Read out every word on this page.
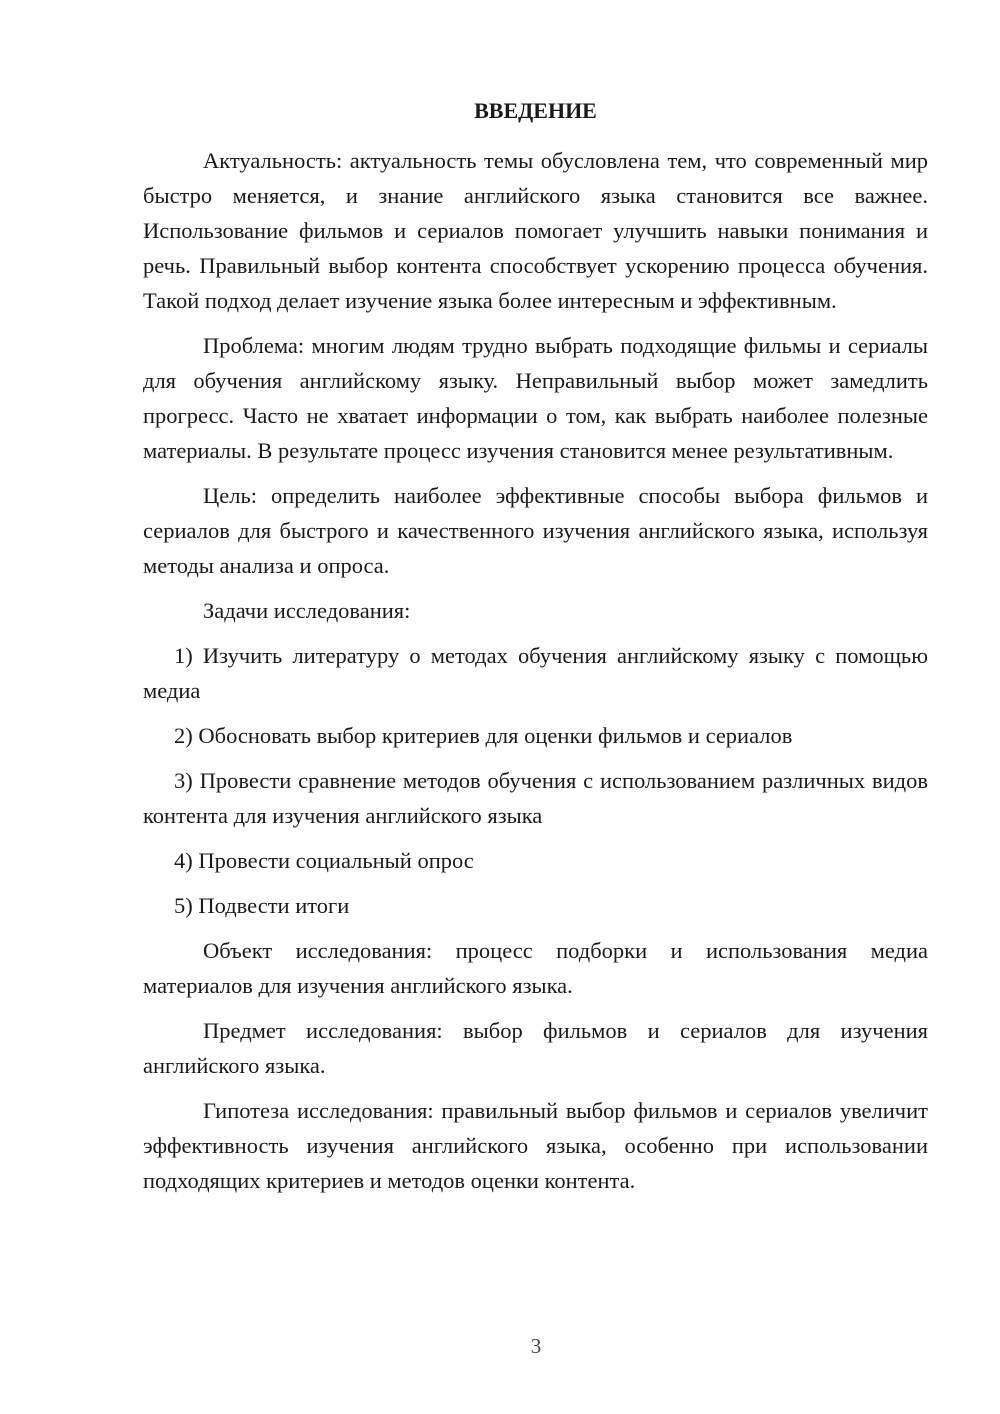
ВВЕДЕНИЕ

Актуальность: актуальность темы обусловлена тем, что современный мир быстро меняется, и знание английского языка становится все важнее. Использование фильмов и сериалов помогает улучшить навыки понимания и речь. Правильный выбор контента способствует ускорению процесса обучения. Такой подход делает изучение языка более интересным и эффективным.

Проблема: многим людям трудно выбрать подходящие фильмы и сериалы для обучения английскому языку. Неправильный выбор может замедлить прогресс. Часто не хватает информации о том, как выбрать наиболее полезные материалы. В результате процесс изучения становится менее результативным.

Цель: определить наиболее эффективные способы выбора фильмов и сериалов для быстрого и качественного изучения английского языка, используя методы анализа и опроса.

Задачи исследования:

1) Изучить литературу о методах обучения английскому языку с помощью медиа

2) Обосновать выбор критериев для оценки фильмов и сериалов

3) Провести сравнение методов обучения с использованием различных видов контента для изучения английского языка

4) Провести социальный опрос

5) Подвести итоги

Объект исследования: процесс подборки и использования медиа материалов для изучения английского языка.

Предмет исследования: выбор фильмов и сериалов для изучения английского языка.

Гипотеза исследования: правильный выбор фильмов и сериалов увеличит эффективность изучения английского языка, особенно при использовании подходящих критериев и методов оценки контента.

3
